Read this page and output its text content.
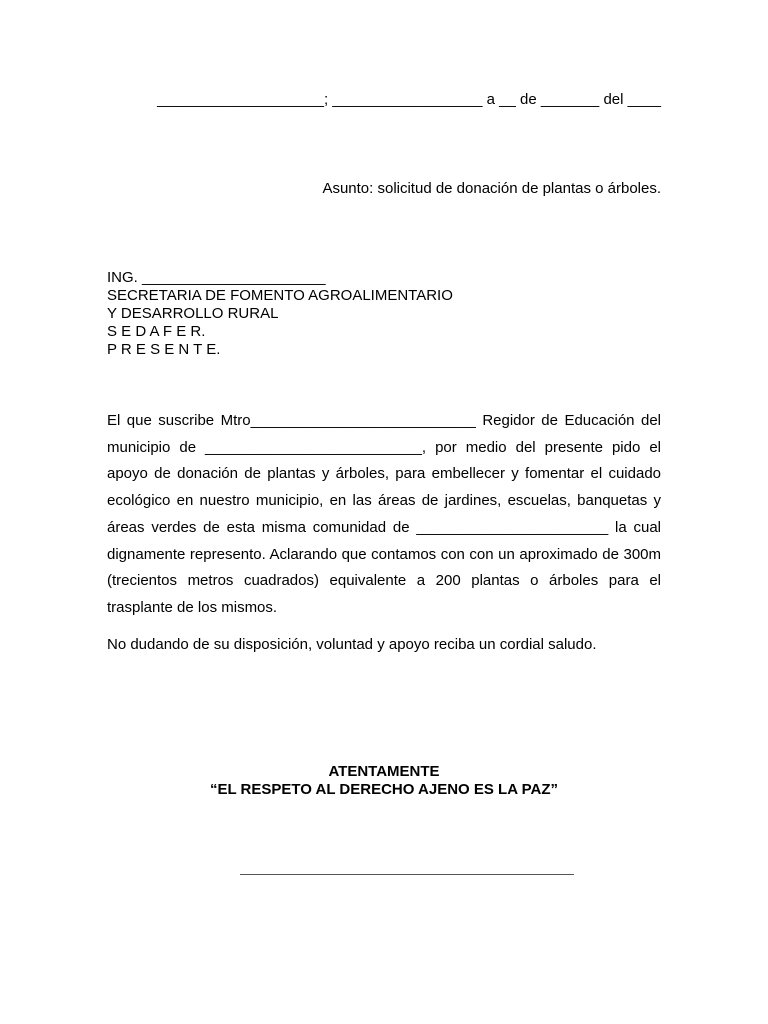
____________________; __________________ a __ de _______ del ____
Asunto: solicitud de donación de plantas o árboles.
ING. ______________________
SECRETARIA DE FOMENTO AGROALIMENTARIO
Y DESARROLLO RURAL
S E D A F E R.
P R E S E N T E.
El que suscribe Mtro___________________________ Regidor de Educación del municipio de __________________________, por medio del presente pido el apoyo de donación de plantas y árboles, para embellecer y fomentar el cuidado ecológico en nuestro municipio, en las áreas de jardines, escuelas, banquetas y áreas verdes de esta misma comunidad de _______________________ la cual dignamente represento. Aclarando que contamos con con un aproximado de 300m (trecientos metros cuadrados) equivalente a 200 plantas o árboles para el trasplante de los mismos.
No dudando de su disposición, voluntad y apoyo reciba un cordial saludo.
ATENTAMENTE
“EL RESPETO AL DERECHO AJENO ES LA PAZ”
